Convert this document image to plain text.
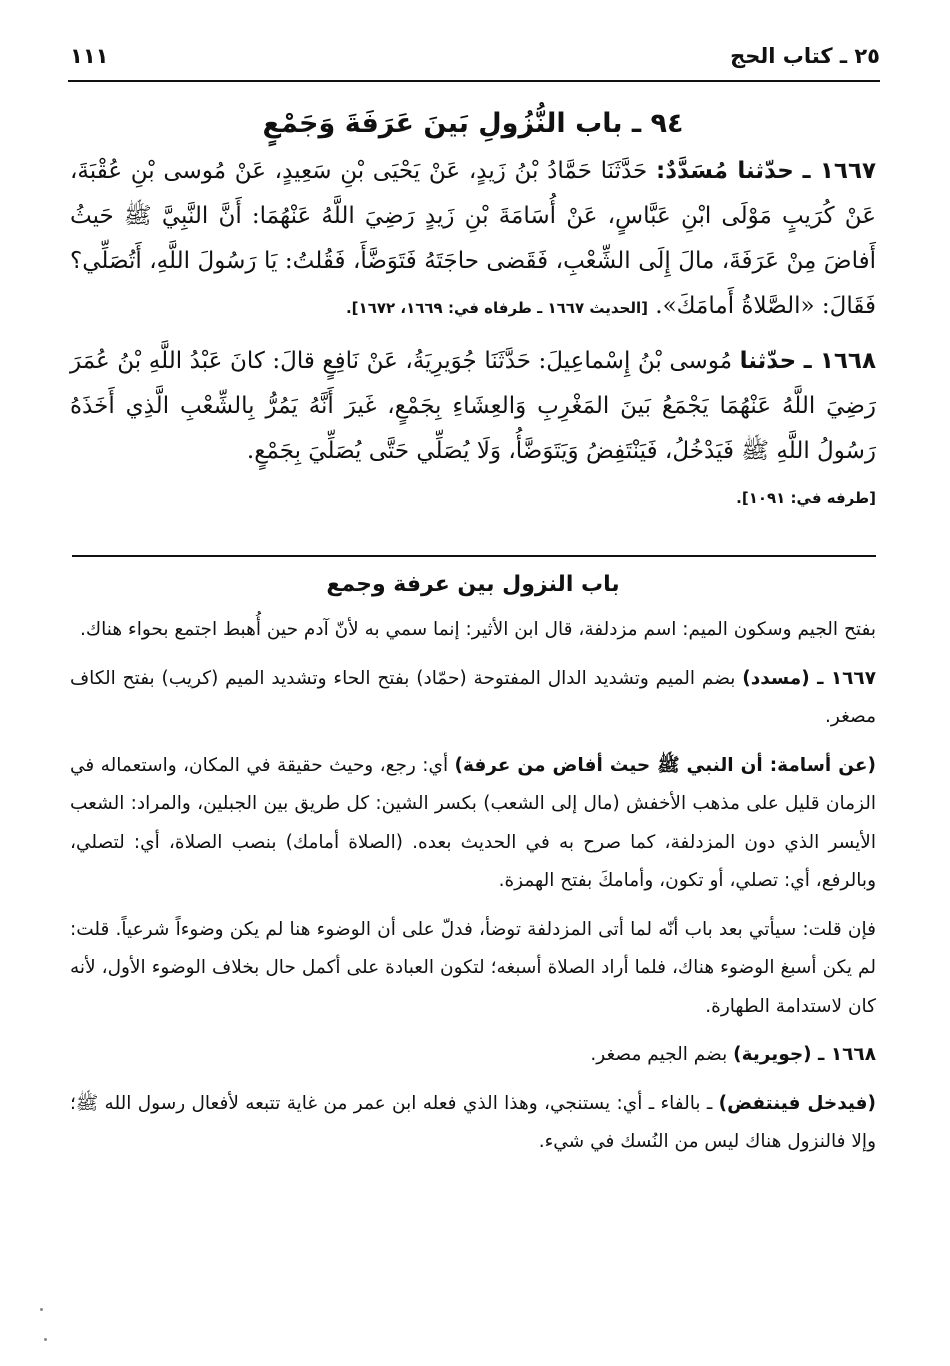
٢٥ ـ كتاب الحج
١١١
٩٤ ـ باب النُّزُولِ بَينَ عَرَفَةَ وَجَمْعٍ
١٦٦٧ ـ حدّثنا مُسَدَّدٌ: حَدَّثَنَا حَمَّادُ بْنُ زَيدٍ، عَنْ يَحْيَى بْنِ سَعِيدٍ، عَنْ مُوسى بْنِ عُقْبَةَ، عَنْ كُرَيبٍ مَوْلَى ابْنِ عَبَّاسٍ، عَنْ أُسَامَةَ بْنِ زَيدٍ رَضِيَ اللَّهُ عَنْهُمَا: أَنَّ النَّبِيَّ ﷺ حَيثُ أَفاضَ مِنْ عَرَفَةَ، مالَ إِلَى الشِّعْبِ، فَقَضى حاجَتَهُ فَتَوَضَّأَ، فَقُلتُ: يَا رَسُولَ اللَّهِ، أَتُصَلِّي؟ فَقَالَ: «الصَّلاةُ أَمامَكَ». [الحديث ١٦٦٧ ـ طرفاه في: ١٦٦٩، ١٦٧٢].
١٦٦٨ ـ حدّثنا مُوسى بْنُ إِسْماعِيلَ: حَدَّثَنَا جُوَيرِيَةُ، عَنْ نَافِعٍ قالَ: كانَ عَبْدُ اللَّهِ بْنُ عُمَرَ رَضِيَ اللَّهُ عَنْهُمَا يَجْمَعُ بَينَ المَغْرِبِ وَالعِشَاءِ بِجَمْعٍ، غَيرَ أَنَّهُ يَمُرُّ بِالشِّعْبِ الَّذِي أَخَذَهُ رَسُولُ اللَّهِ ﷺ فَيَدْخُلُ، فَيَنْتَفِضُ وَيَتَوَضَّأُ، وَلَا يُصَلِّي حَتَّى يُصَلِّيَ بِجَمْعٍ.
[طرفه في: ١٠٩١].
باب النزول بين عرفة وجمع

بفتح الجيم وسكون الميم: اسم مزدلفة، قال ابن الأثير: إنما سمي به لأنّ آدم حين أُهبط اجتمع بحواء هناك.

١٦٦٧ ـ (مسدد) بضم الميم وتشديد الدال المفتوحة (حمّاد) بفتح الحاء وتشديد الميم (كريب) بفتح الكاف مصغر.

(عن أسامة: أن النبي ﷺ حيث أفاض من عرفة) أي: رجع، وحيث حقيقة في المكان، واستعماله في الزمان قليل على مذهب الأخفش (مال إلى الشعب) بكسر الشين: كل طريق بين الجبلين، والمراد: الشعب الأيسر الذي دون المزدلفة، كما صرح به في الحديث بعده. (الصلاة أمامك) بنصب الصلاة، أي: لتصلي، وبالرفع، أي: تصلي، أو تكون، وأمامكَ بفتح الهمزة.

فإن قلت: سيأتي بعد باب أنّه لما أتى المزدلفة توضأ، فدلّ على أن الوضوء هنا لم يكن وضوءاً شرعياً. قلت: لم يكن أسبغ الوضوء هناك، فلما أراد الصلاة أسبغه؛ لتكون العبادة على أكمل حال بخلاف الوضوء الأول، لأنه كان لاستدامة الطهارة.

١٦٦٨ ـ (جويرية) بضم الجيم مصغر.

(فيدخل فينتفض) ـ بالفاء ـ أي: يستنجي، وهذا الذي فعله ابن عمر من غاية تتبعه لأفعال رسول الله ﷺ؛ وإلا فالنزول هناك ليس من النُسك في شيء.
